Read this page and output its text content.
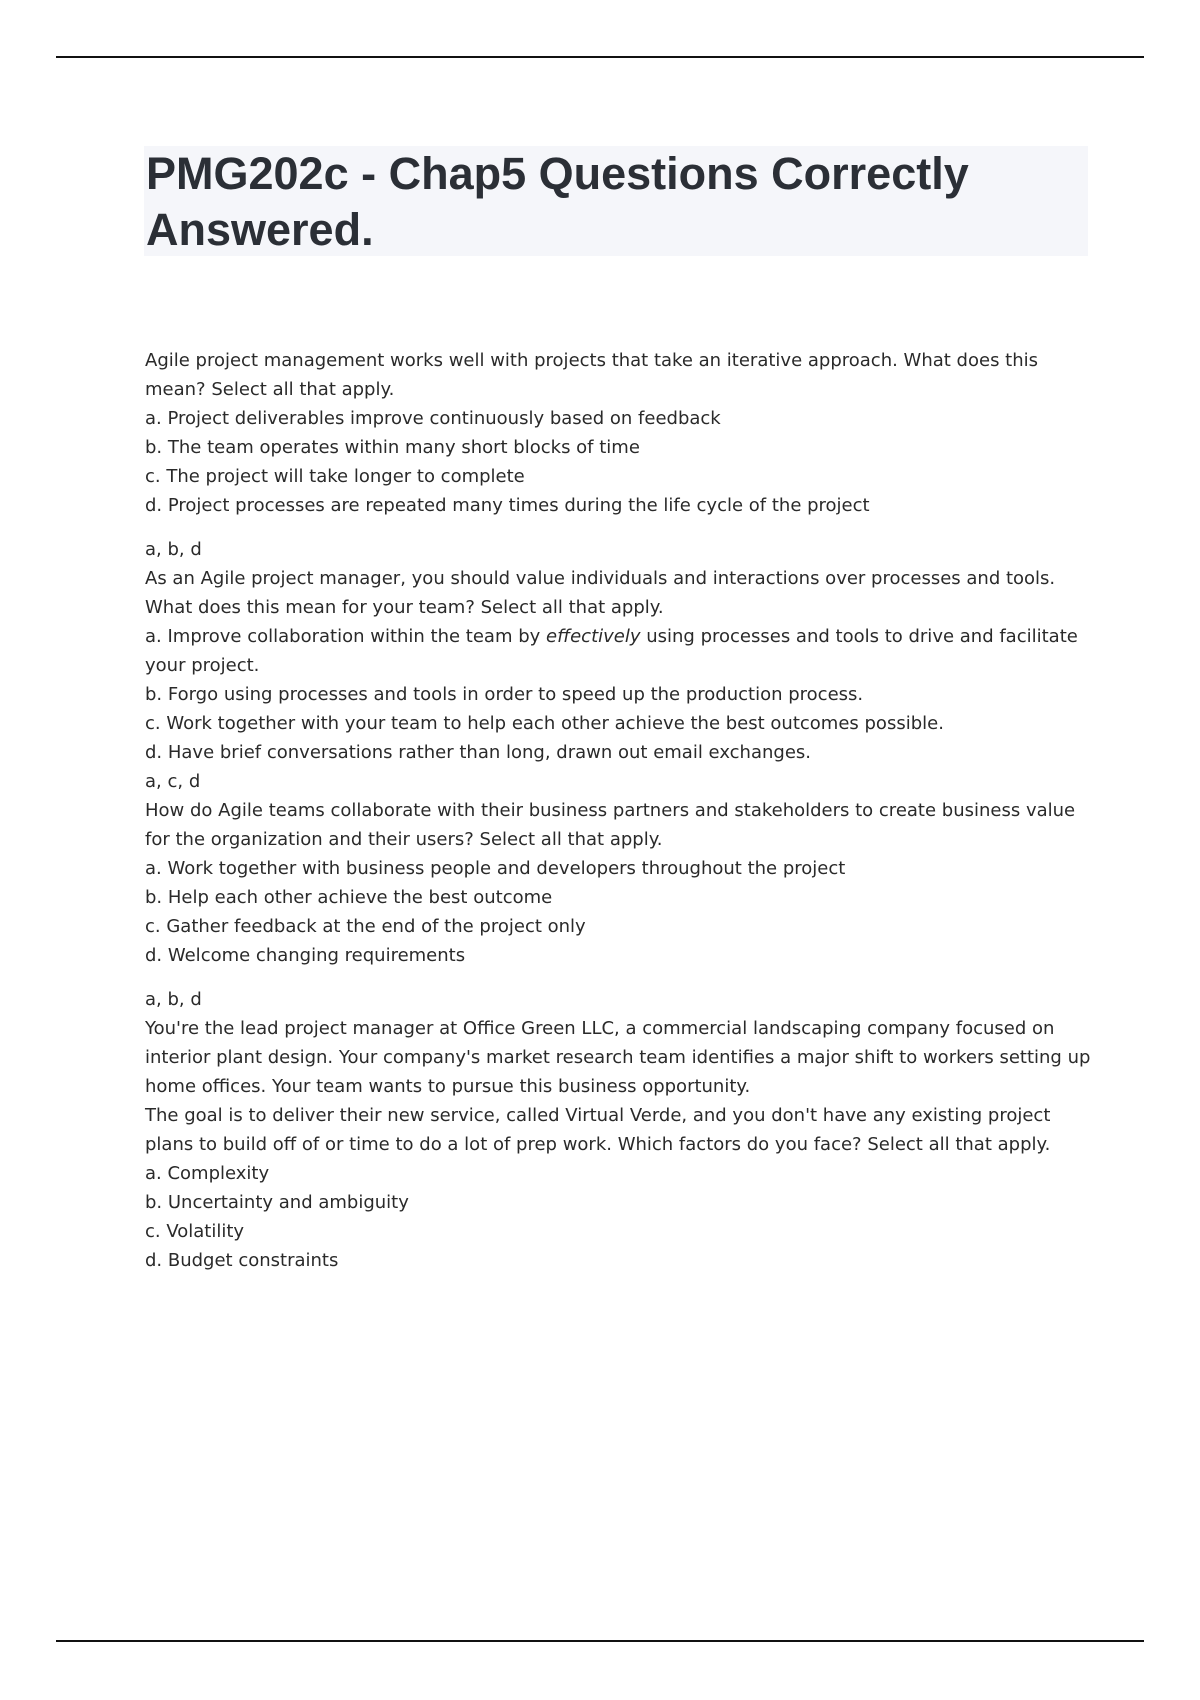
PMG202c - Chap5 Questions Correctly Answered.

Agile project management works well with projects that take an iterative approach. What does this mean? Select all that apply.

a. Project deliverables improve continuously based on feedback
b. The team operates within many short blocks of time
c. The project will take longer to complete
d. Project processes are repeated many times during the life cycle of the project

a, b, d

As an Agile project manager, you should value individuals and interactions over processes and tools. What does this mean for your team? Select all that apply.

a. Improve collaboration within the team by effectively using processes and tools to drive and facilitate your project.

b. Forgo using processes and tools in order to speed up the production process.

c. Work together with your team to help each other achieve the best outcomes possible.

d. Have brief conversations rather than long, drawn out email exchanges.

a, c, d

How do Agile teams collaborate with their business partners and stakeholders to create business value for the organization and their users? Select all that apply.

a. Work together with business people and developers throughout the project
b. Help each other achieve the best outcome
c. Gather feedback at the end of the project only
d. Welcome changing requirements

a, b, d

You're the lead project manager at Office Green LLC, a commercial landscaping company focused on interior plant design. Your company's market research team identifies a major shift to workers setting up home offices. Your team wants to pursue this business opportunity.

The goal is to deliver their new service, called Virtual Verde, and you don't have any existing project plans to build off of or time to do a lot of prep work. Which factors do you face? Select all that apply.

a. Complexity
b. Uncertainty and ambiguity
c. Volatility
d. Budget constraints
